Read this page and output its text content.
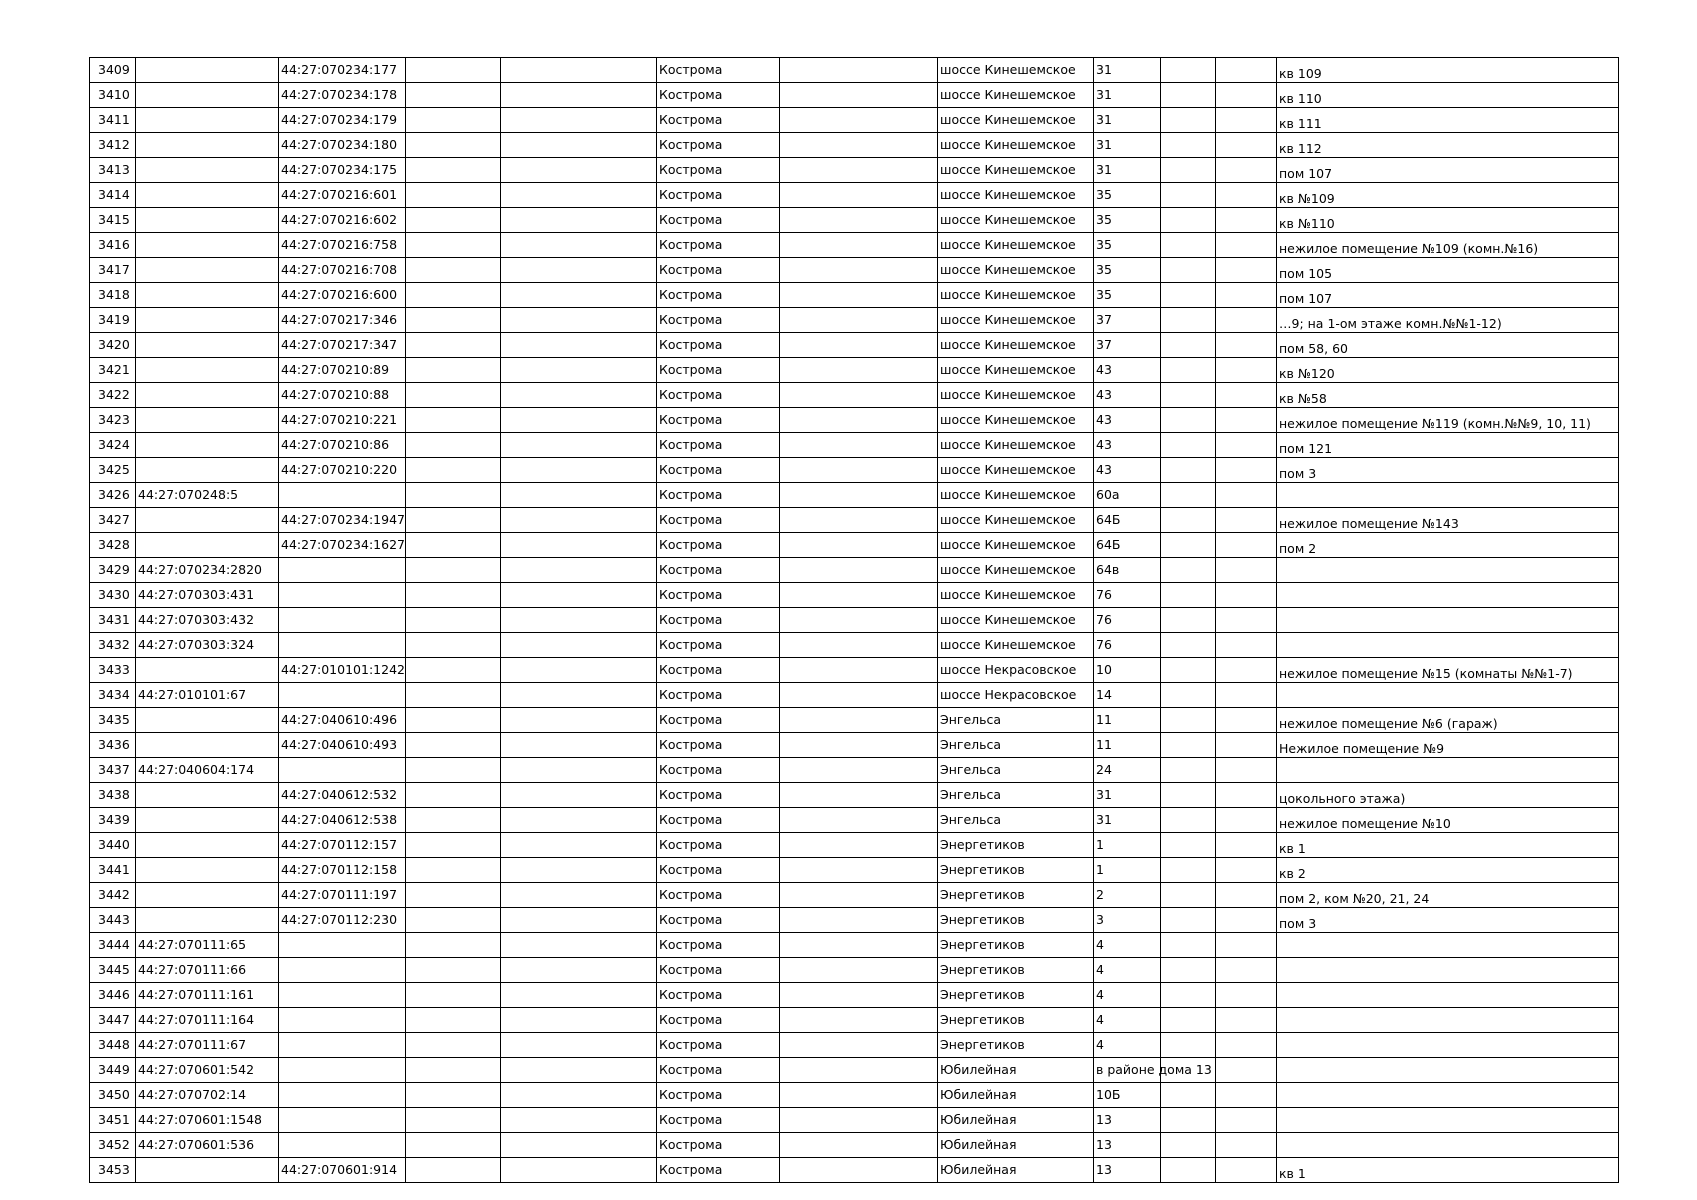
3409		44:27:070234:177			Кострома		шоссе Кинешемское	31			кв 109
3410		44:27:070234:178			Кострома		шоссе Кинешемское	31			кв 110
3411		44:27:070234:179			Кострома		шоссе Кинешемское	31			кв 111
3412		44:27:070234:180			Кострома		шоссе Кинешемское	31			кв 112
3413		44:27:070234:175			Кострома		шоссе Кинешемское	31			пом 107
3414		44:27:070216:601			Кострома		шоссе Кинешемское	35			кв №109
3415		44:27:070216:602			Кострома		шоссе Кинешемское	35			кв №110
3416		44:27:070216:758			Кострома		шоссе Кинешемское	35			нежилое помещение №109 (комн.№16)
3417		44:27:070216:708			Кострома		шоссе Кинешемское	35			пом 105
3418		44:27:070216:600			Кострома		шоссе Кинешемское	35			пом 107
3419		44:27:070217:346			Кострома		шоссе Кинешемское	37			…9; на 1-ом этаже комн.№№1-12)
3420		44:27:070217:347			Кострома		шоссе Кинешемское	37			пом 58, 60
3421		44:27:070210:89			Кострома		шоссе Кинешемское	43			кв №120
3422		44:27:070210:88			Кострома		шоссе Кинешемское	43			кв №58
3423		44:27:070210:221			Кострома		шоссе Кинешемское	43			нежилое помещение №119 (комн.№№9, 10, 11)
3424		44:27:070210:86			Кострома		шоссе Кинешемское	43			пом 121
3425		44:27:070210:220			Кострома		шоссе Кинешемское	43			пом 3
3426	44:27:070248:5				Кострома		шоссе Кинешемское	60а			
3427		44:27:070234:1947			Кострома		шоссе Кинешемское	64Б			нежилое помещение №143
3428		44:27:070234:1627			Кострома		шоссе Кинешемское	64Б			пом 2
3429	44:27:070234:2820				Кострома		шоссе Кинешемское	64в			
3430	44:27:070303:431				Кострома		шоссе Кинешемское	76			
3431	44:27:070303:432				Кострома		шоссе Кинешемское	76			
3432	44:27:070303:324				Кострома		шоссе Кинешемское	76			
3433		44:27:010101:1242			Кострома		шоссе Некрасовское	10			нежилое помещение №15 (комнаты №№1-7)
3434	44:27:010101:67				Кострома		шоссе Некрасовское	14			
3435		44:27:040610:496			Кострома		Энгельса	11			нежилое помещение №6 (гараж)
3436		44:27:040610:493			Кострома		Энгельса	11			Нежилое помещение №9
3437	44:27:040604:174				Кострома		Энгельса	24			
3438		44:27:040612:532			Кострома		Энгельса	31			цокольного этажа)
3439		44:27:040612:538			Кострома		Энгельса	31			нежилое помещение №10
3440		44:27:070112:157			Кострома		Энергетиков	1			кв 1
3441		44:27:070112:158			Кострома		Энергетиков	1			кв 2
3442		44:27:070111:197			Кострома		Энергетиков	2			пом 2, ком №20, 21, 24
3443		44:27:070112:230			Кострома		Энергетиков	3			пом 3
3444	44:27:070111:65				Кострома		Энергетиков	4			
3445	44:27:070111:66				Кострома		Энергетиков	4			
3446	44:27:070111:161				Кострома		Энергетиков	4			
3447	44:27:070111:164				Кострома		Энергетиков	4			
3448	44:27:070111:67				Кострома		Энергетиков	4			
3449	44:27:070601:542				Кострома		Юбилейная	в районе дома 13			
3450	44:27:070702:14				Кострома		Юбилейная	10Б			
3451	44:27:070601:1548				Кострома		Юбилейная	13			
3452	44:27:070601:536				Кострома		Юбилейная	13			
3453		44:27:070601:914			Кострома		Юбилейная	13			кв 1
